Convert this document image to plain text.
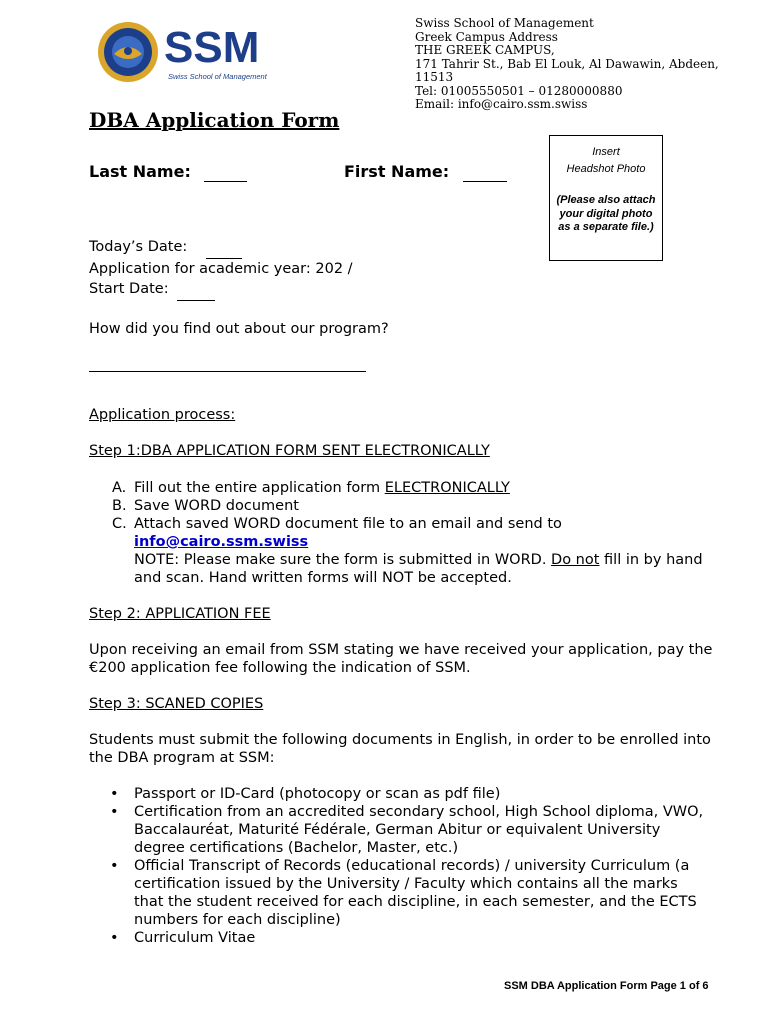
SSM
Swiss School of Management
Swiss School of Management
Greek Campus Address
THE GREEK CAMPUS,
171 Tahrir St., Bab El Louk, Al Dawawin, Abdeen,
11513
Tel: 01005550501 – 01280000880
Email: info@cairo.ssm.swiss
DBA Application Form
Insert
Headshot Photo
(Please also attach your digital photo as a separate file.)
Last Name:	First Name:
Today’s Date:
Application for academic year: 202 /
Start Date:
How did you find out about our program?
Application process:
Step 1:DBA APPLICATION FORM SENT ELECTRONICALLY
A. Fill out the entire application form ELECTRONICALLY
B. Save WORD document
C. Attach saved WORD document file to an email and send to
info@cairo.ssm.swiss
NOTE: Please make sure the form is submitted in WORD. Do not fill in by hand and scan. Hand written forms will NOT be accepted.
Step 2: APPLICATION FEE
Upon receiving an email from SSM stating we have received your application, pay the €200 application fee following the indication of SSM.
Step 3: SCANED COPIES
Students must submit the following documents in English, in order to be enrolled into the DBA program at SSM:
• Passport or ID-Card (photocopy or scan as pdf file)
• Certification from an accredited secondary school, High School diploma, VWO, Baccalauréat, Maturité Fédérale, German Abitur or equivalent University degree certifications (Bachelor, Master, etc.)
• Official Transcript of Records (educational records) / university Curriculum (a certification issued by the University / Faculty which contains all the marks that the student received for each discipline, in each semester, and the ECTS numbers for each discipline)
• Curriculum Vitae
SSM DBA Application Form Page 1 of 6
